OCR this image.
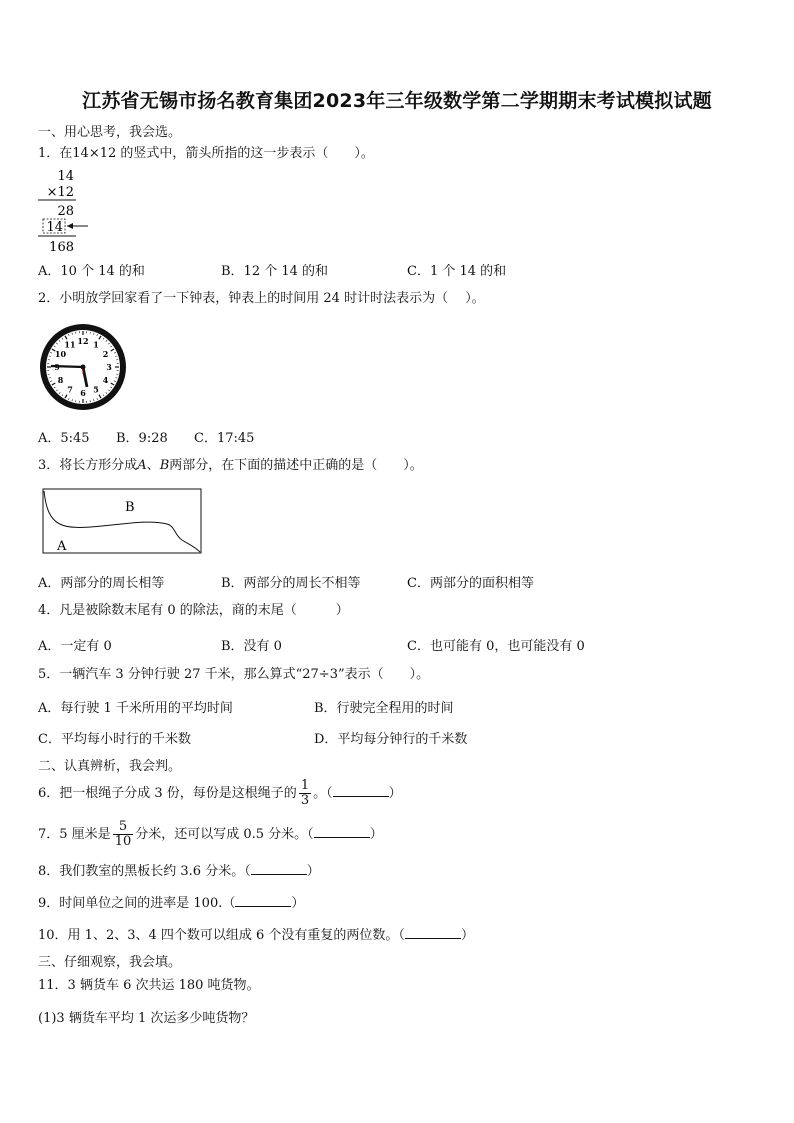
江苏省无锡市扬名教育集团2023年三年级数学第二学期期末考试模拟试题
一、用心思考，我会选。
1．在14×12 的竖式中，箭头所指的这一步表示（　　）。
14
×12
28
14
168
A．10 个 14 的和	B．12 个 14 的和	C．1 个 14 的和
2．小明放学回家看了一下钟表，钟表上的时间用 24 时计时法表示为（　 ）。
12 1
2
3
4
5
6
7
8
10
11
A．5:45 B．9:28 C．17:45
3．将长方形分成A、B两部分，在下面的描述中正确的是（　　）。
B
A
A．两部分的周长相等	B．两部分的周长不相等	C．两部分的面积相等
4．凡是被除数末尾有 0 的除法，商的末尾（　　　）
A．一定有 0	B．没有 0	C．也可能有 0，也可能没有 0
5．一辆汽车 3 分钟行驶 27 千米，那么算式“27÷3”表示（　　）。
A．每行驶 1 千米所用的平均时间	B．行驶完全程用的时间
C．平均每小时行的千米数	D．平均每分钟行的千米数
二、认真辨析，我会判。
6．把一根绳子分成 3 份，每份是这根绳子的 $\frac{1}{3}$ 。（	）
7．5 厘米是 $\frac{5}{10}$ 分米，还可以写成 0.5 分米。（	）
8．我们教室的黑板长约 3.6 分米。（	）
9．时间单位之间的进率是 100.（	）
10．用 1、2、3、4 四个数可以组成 6 个没有重复的两位数。（	）
三、仔细观察，我会填。
11．3 辆货车 6 次共运 180 吨货物。
(1)3 辆货车平均 1 次运多少吨货物？
